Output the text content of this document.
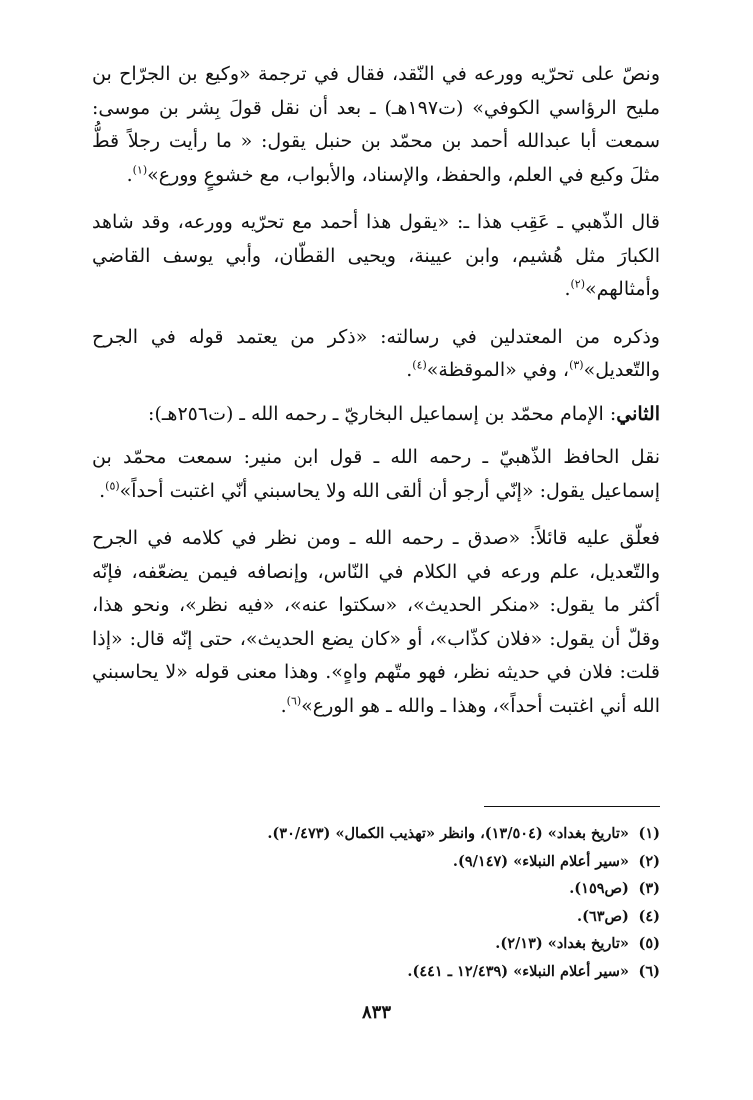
ونصّ على تحرّيه وورعه في النّقد، فقال في ترجمة «وكيع بن الجرّاح بن مليح الرؤاسي الكوفي» (ت١٩٧هـ) ـ بعد أن نقل قولَ بِشر بن موسى: سمعت أبا عبدالله أحمد بن محمّد بن حنبل يقول: « ما رأيت رجلاً قطُّ مثلَ وكيع في العلم، والحفظ، والإسناد، والأبواب، مع خشوعٍ وورع»$^{(١)}$.

قال الذّهبي ـ عَقِب هذا ـ: «يقول هذا أحمد مع تحرّيه وورعه، وقد شاهد الكبارَ مثل هُشيم، وابن عيينة، ويحيى القطّان، وأبي يوسف القاضي وأمثالهم»$^{(٢)}$.

وذكره من المعتدلين في رسالته: «ذكر من يعتمد قوله في الجرح والتّعديل»$^{(٣)}$، وفي «الموقظة»$^{(٤)}$.

الثاني: الإمام محمّد بن إسماعيل البخاريّ ـ رحمه الله ـ (ت٢٥٦هـ):

نقل الحافظ الذّهبيّ ـ رحمه الله ـ قول ابن منير: سمعت محمّد بن إسماعيل يقول: «إنّي أرجو أن ألقى الله ولا يحاسبني أنّي اغتبت أحداً»$^{(٥)}$.

فعلّق عليه قائلاً: «صدق ـ رحمه الله ـ ومن نظر في كلامه في الجرح والتّعديل، علم ورعه في الكلام في النّاس، وإنصافه فيمن يضعّفه، فإنّه أكثر ما يقول: «منكر الحديث»، «سكتوا عنه»، «فيه نظر»، ونحو هذا، وقلّ أن يقول: «فلان كذّاب»، أو «كان يضع الحديث»، حتى إنّه قال: «إذا قلت: فلان في حديثه نظر، فهو متّهم واهٍ». وهذا معنى قوله «لا يحاسبني الله أني اغتبت أحداً»، وهذا ـ والله ـ هو الورع»$^{(٦)}$.

(١) «تاريخ بغداد» (١٣/٥٠٤)، وانظر «تهذيب الكمال» (٣٠/٤٧٣).

(٢) «سير أعلام النبلاء» (٩/١٤٧).

(٣) (ص١٥٩).

(٤) (ص٦٣).

(٥) «تاريخ بغداد» (٢/١٣).

(٦) «سير أعلام النبلاء» (١٢/٤٣٩ ـ ٤٤١).

٨٣٣
